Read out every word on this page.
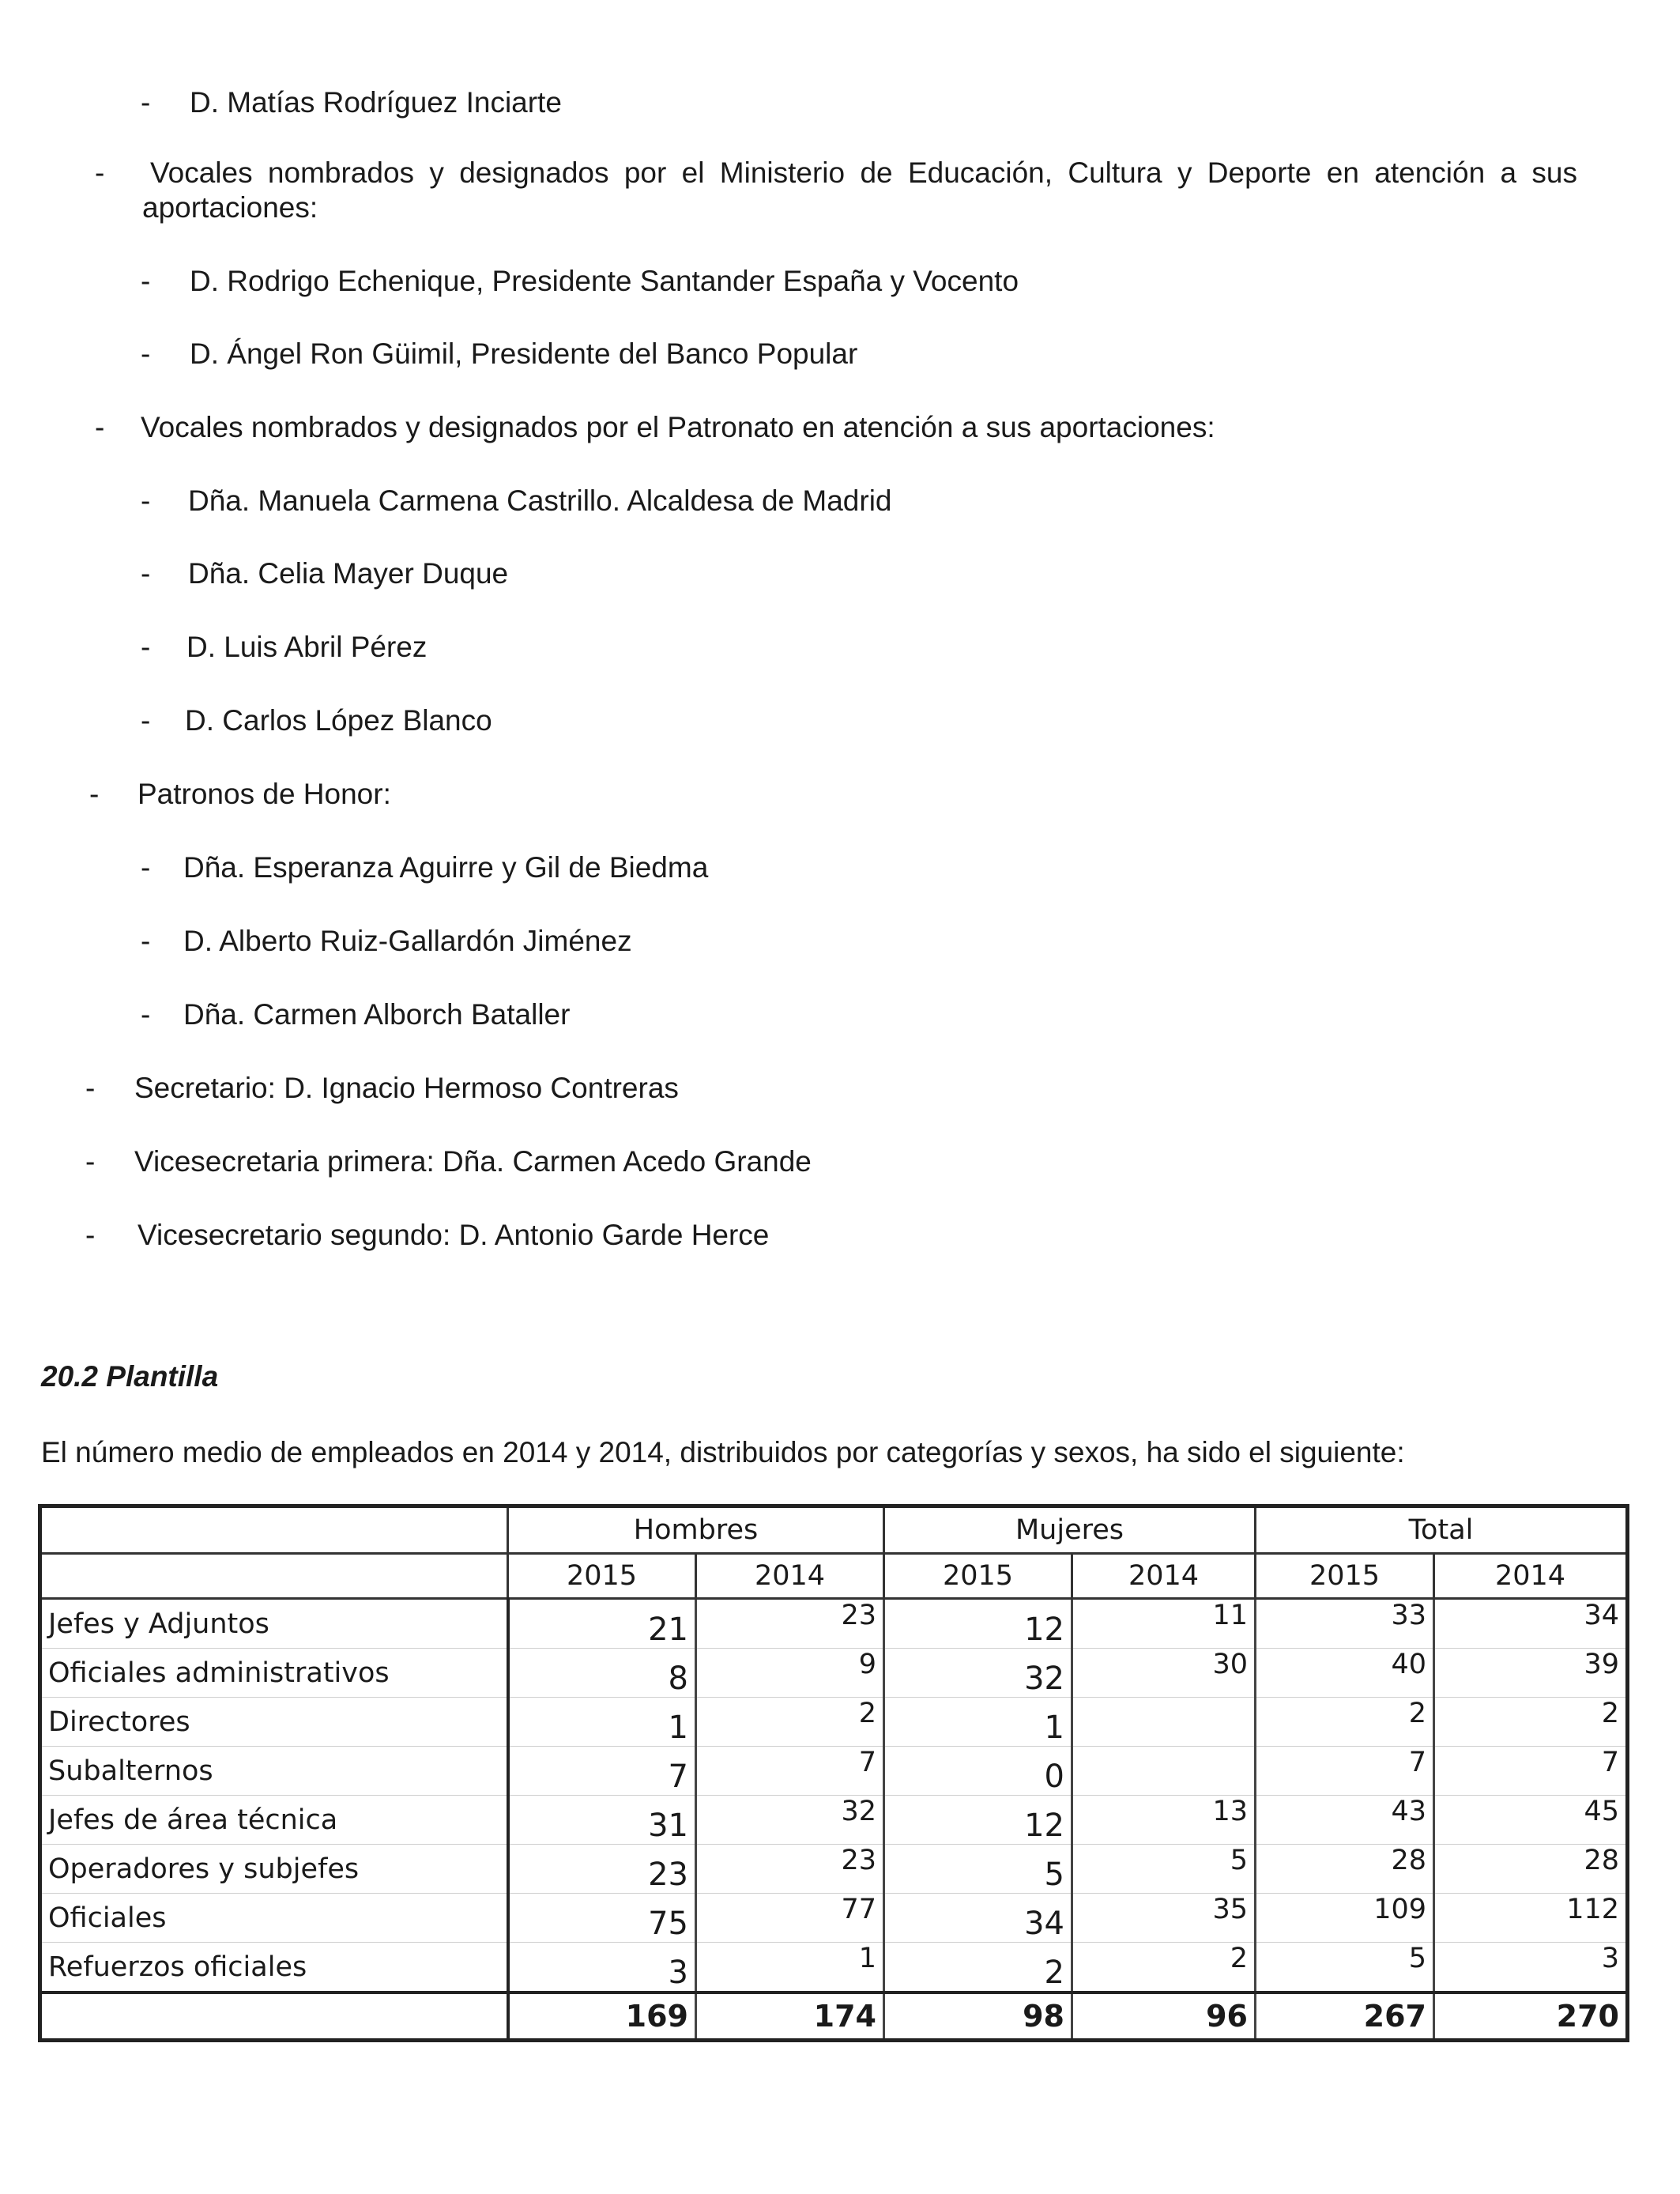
- D. Matías Rodríguez Inciarte
- Vocales nombrados y designados por el Ministerio de Educación, Cultura y Deporte en atención a sus aportaciones:
- D. Rodrigo Echenique, Presidente Santander España y Vocento
- D. Ángel Ron Güimil, Presidente del Banco Popular
- Vocales nombrados y designados por el Patronato en atención a sus aportaciones:
- Dña. Manuela Carmena Castrillo. Alcaldesa de Madrid
- Dña. Celia Mayer Duque
- D. Luis Abril Pérez
- D. Carlos López Blanco
- Patronos de Honor:
- Dña. Esperanza Aguirre y Gil de Biedma
- D. Alberto Ruiz-Gallardón Jiménez
- Dña. Carmen Alborch Bataller
- Secretario: D. Ignacio Hermoso Contreras
- Vicesecretaria primera: Dña. Carmen Acedo Grande
- Vicesecretario segundo: D. Antonio Garde Herce
20.2 Plantilla
El número medio de empleados en 2014 y 2014, distribuidos por categorías y sexos, ha sido el siguiente:
	Hombres		Mujeres		Total	
	2015	2014	2015	2014	2015	2014
Jefes y Adjuntos	21	23	12	11	33	34
Oficiales administrativos	8	9	32	30	40	39
Directores	1	2	1		2	2
Subalternos	7	7	0		7	7
Jefes de área técnica	31	32	12	13	43	45
Operadores y subjefes	23	23	5	5	28	28
Oficiales	75	77	34	35	109	112
Refuerzos oficiales	3	1	2	2	5	3
	169	174	98	96	267	270
